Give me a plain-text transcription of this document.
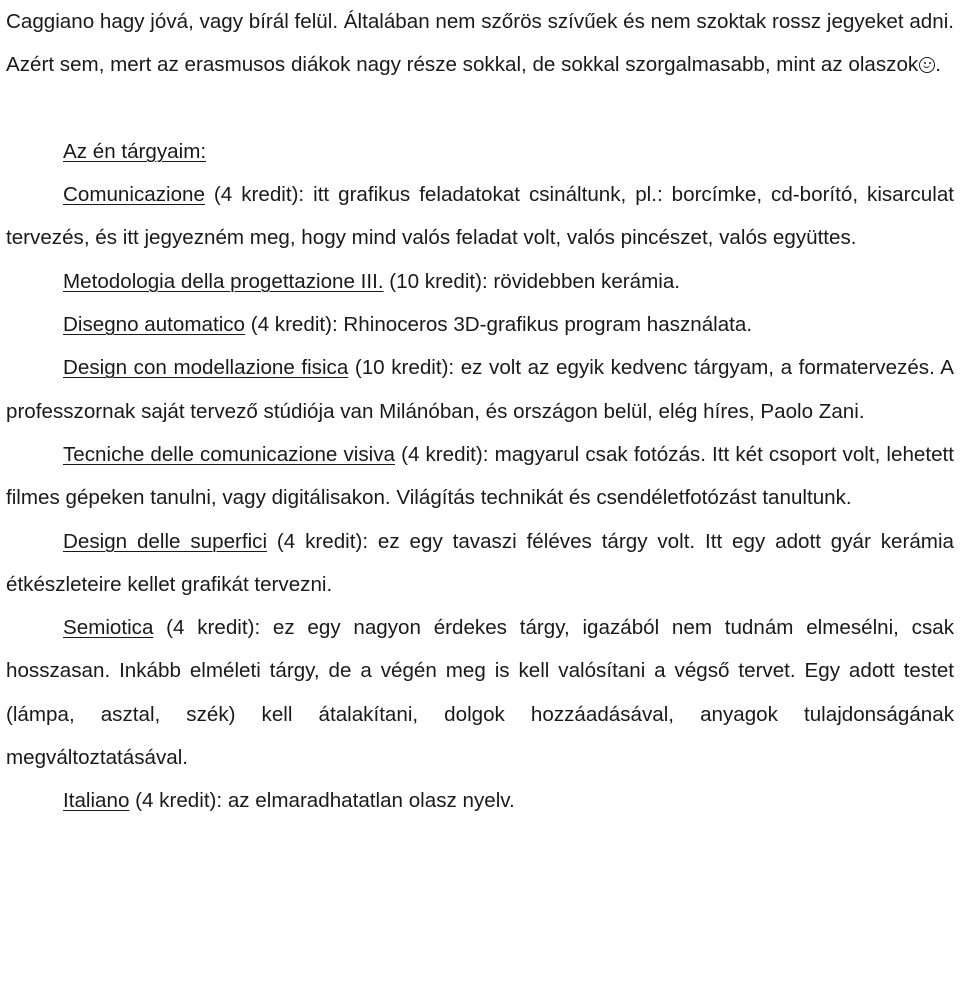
Caggiano hagy jóvá, vagy bírál felül. Általában nem szőrös szívűek és nem szoktak rossz jegyeket adni. Azért sem, mert az erasmusos diákok nagy része sokkal, de sokkal szorgalmasabb, mint az olaszok .

Az én tárgyaim:

Comunicazione (4 kredit): itt grafikus feladatokat csináltunk, pl.: borcímke, cd-borító, kisarculat tervezés, és itt jegyezném meg, hogy mind valós feladat volt, valós pincészet, valós együttes.

Metodologia della progettazione III. (10 kredit): rövidebben kerámia.

Disegno automatico (4 kredit): Rhinoceros 3D-grafikus program használata.

Design con modellazione fisica (10 kredit): ez volt az egyik kedvenc tárgyam, a formatervezés. A professzornak saját tervező stúdiója van Milánóban, és országon belül, elég híres, Paolo Zani.

Tecniche delle comunicazione visiva (4 kredit): magyarul csak fotózás. Itt két csoport volt, lehetett filmes gépeken tanulni, vagy digitálisakon. Világítás technikát és csendéletfotózást tanultunk.

Design delle superfici (4 kredit): ez egy tavaszi féléves tárgy volt. Itt egy adott gyár kerámia étkészleteire kellet grafikát tervezni.

Semiotica (4 kredit): ez egy nagyon érdekes tárgy, igazából nem tudnám elmesélni, csak hosszasan. Inkább elméleti tárgy, de a végén meg is kell valósítani a végső tervet. Egy adott testet (lámpa, asztal, szék) kell átalakítani, dolgok hozzáadásával, anyagok tulajdonságának megváltoztatásával.

Italiano (4 kredit): az elmaradhatatlan olasz nyelv.
